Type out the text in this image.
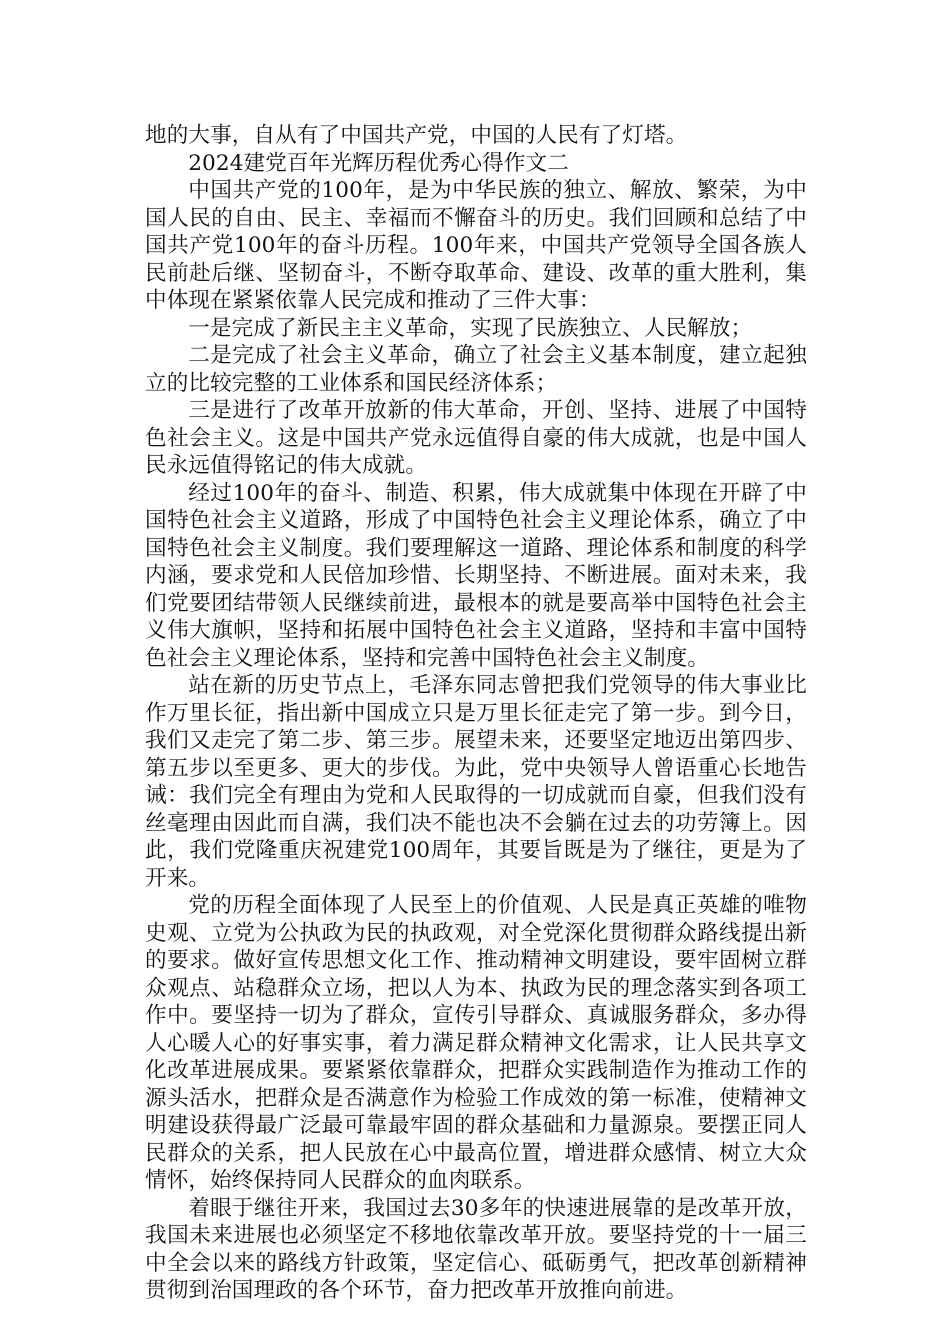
地的大事，自从有了中国共产党，中国的人民有了灯塔。

2024建党百年光辉历程优秀心得作文二

中国共产党的100年，是为中华民族的独立、解放、繁荣，为中国人民的自由、民主、幸福而不懈奋斗的历史。我们回顾和总结了中国共产党100年的奋斗历程。100年来，中国共产党领导全国各族人民前赴后继、坚韧奋斗，不断夺取革命、建设、改革的重大胜利，集中体现在紧紧依靠人民完成和推动了三件大事：

一是完成了新民主主义革命，实现了民族独立、人民解放；

二是完成了社会主义革命，确立了社会主义基本制度，建立起独立的比较完整的工业体系和国民经济体系；

三是进行了改革开放新的伟大革命，开创、坚持、进展了中国特色社会主义。这是中国共产党永远值得自豪的伟大成就，也是中国人民永远值得铭记的伟大成就。

经过100年的奋斗、制造、积累，伟大成就集中体现在开辟了中国特色社会主义道路，形成了中国特色社会主义理论体系，确立了中国特色社会主义制度。我们要理解这一道路、理论体系和制度的科学内涵，要求党和人民倍加珍惜、长期坚持、不断进展。面对未来，我们党要团结带领人民继续前进，最根本的就是要高举中国特色社会主义伟大旗帜，坚持和拓展中国特色社会主义道路，坚持和丰富中国特色社会主义理论体系，坚持和完善中国特色社会主义制度。

站在新的历史节点上，毛泽东同志曾把我们党领导的伟大事业比作万里长征，指出新中国成立只是万里长征走完了第一步。到今日，我们又走完了第二步、第三步。展望未来，还要坚定地迈出第四步、第五步以至更多、更大的步伐。为此，党中央领导人曾语重心长地告诫：我们完全有理由为党和人民取得的一切成就而自豪，但我们没有丝毫理由因此而自满，我们决不能也决不会躺在过去的功劳簿上。因此，我们党隆重庆祝建党100周年，其要旨既是为了继往，更是为了开来。

党的历程全面体现了人民至上的价值观、人民是真正英雄的唯物史观、立党为公执政为民的执政观，对全党深化贯彻群众路线提出新的要求。做好宣传思想文化工作、推动精神文明建设，要牢固树立群众观点、站稳群众立场，把以人为本、执政为民的理念落实到各项工作中。要坚持一切为了群众，宣传引导群众、真诚服务群众，多办得人心暖人心的好事实事，着力满足群众精神文化需求，让人民共享文化改革进展成果。要紧紧依靠群众，把群众实践制造作为推动工作的源头活水，把群众是否满意作为检验工作成效的第一标准，使精神文明建设获得最广泛最可靠最牢固的群众基础和力量源泉。要摆正同人民群众的关系，把人民放在心中最高位置，增进群众感情、树立大众情怀，始终保持同人民群众的血肉联系。

着眼于继往开来，我国过去30多年的快速进展靠的是改革开放，我国未来进展也必须坚定不移地依靠改革开放。要坚持党的十一届三中全会以来的路线方针政策，坚定信心、砥砺勇气，把改革创新精神贯彻到治国理政的各个环节，奋力把改革开放推向前进。
